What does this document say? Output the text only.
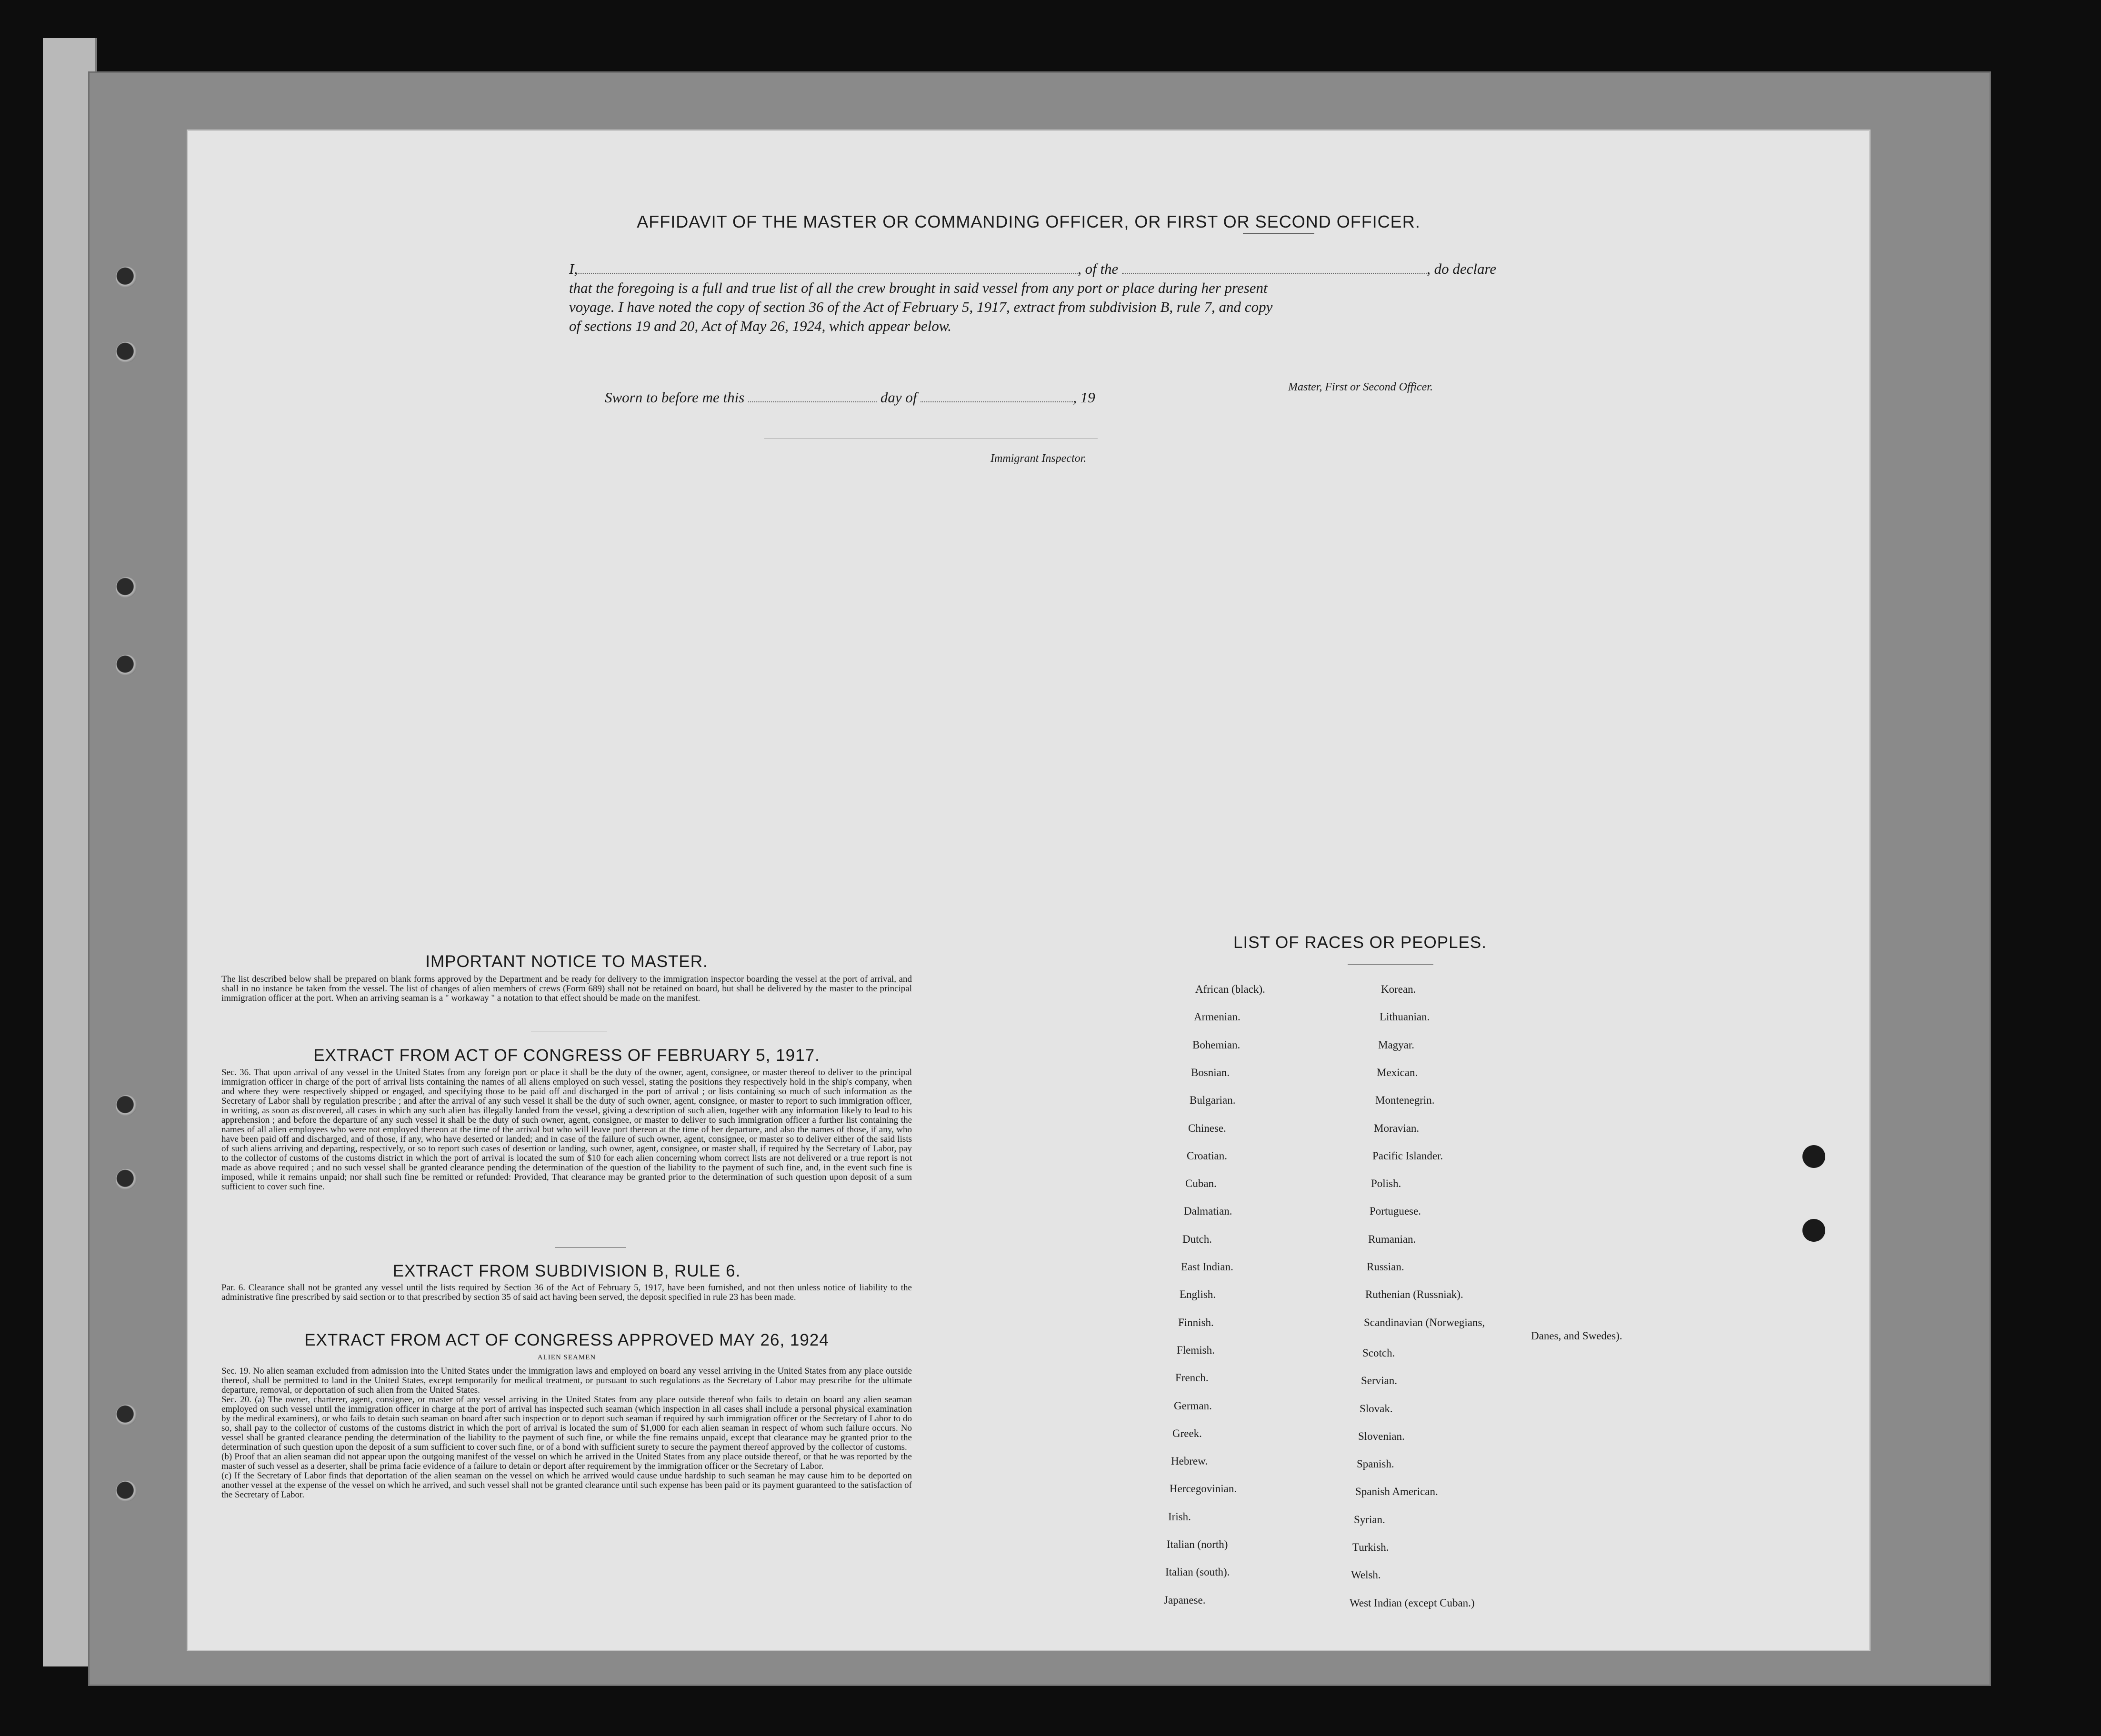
AFFIDAVIT OF THE MASTER OR COMMANDING OFFICER, OR FIRST OR SECOND OFFICER.
I,	, of the	, do declare
that the foregoing is a full and true list of all the crew brought in said vessel from any port or place during her present
voyage. I have noted the copy of section 36 of the Act of February 5, 1917, extract from subdivision B, rule 7, and copy
of sections 19 and 20, Act of May 26, 1924, which appear below.
Master, First or Second Officer.
Sworn to before me this	day of	, 19
Immigrant Inspector.
IMPORTANT NOTICE TO MASTER.
The list described below shall be prepared on blank forms approved by the Department and be ready for delivery to the immigration inspector boarding the vessel at the port of arrival, and shall in no instance be taken from the vessel. The list of changes of alien members of crews (Form 689) shall not be retained on board, but shall be delivered by the master to the principal immigration officer at the port. When an arriving seaman is a " workaway " a notation to that effect should be made on the manifest.
EXTRACT FROM ACT OF CONGRESS OF FEBRUARY 5, 1917.
Sec. 36. That upon arrival of any vessel in the United States from any foreign port or place it shall be the duty of the owner, agent, consignee, or master thereof to deliver to the principal immigration officer in charge of the port of arrival lists containing the names of all aliens employed on such vessel, stating the positions they respectively hold in the ship's company, when and where they were respectively shipped or engaged, and specifying those to be paid off and discharged in the port of arrival ; or lists containing so much of such information as the Secretary of Labor shall by regulation prescribe ; and after the arrival of any such vessel it shall be the duty of such owner, agent, consignee, or master to report to such immigration officer, in writing, as soon as discovered, all cases in which any such alien has illegally landed from the vessel, giving a description of such alien, together with any information likely to lead to his apprehension ; and before the departure of any such vessel it shall be the duty of such owner, agent, consignee, or master to deliver to such immigration officer a further list containing the names of all alien employees who were not employed thereon at the time of the arrival but who will leave port thereon at the time of her departure, and also the names of those, if any, who have been paid off and discharged, and of those, if any, who have deserted or landed; and in case of the failure of such owner, agent, consignee, or master so to deliver either of the said lists of such aliens arriving and departing, respectively, or so to report such cases of desertion or landing, such owner, agent, consignee, or master shall, if required by the Secretary of Labor, pay to the collector of customs of the customs district in which the port of arrival is located the sum of $10 for each alien concerning whom correct lists are not delivered or a true report is not made as above required ; and no such vessel shall be granted clearance pending the determination of the question of the liability to the payment of such fine, and, in the event such fine is imposed, while it remains unpaid; nor shall such fine be remitted or refunded: Provided, That clearance may be granted prior to the determination of such question upon deposit of a sum sufficient to cover such fine.
EXTRACT FROM SUBDIVISION B, RULE 6.
Par. 6. Clearance shall not be granted any vessel until the lists required by Section 36 of the Act of February 5, 1917, have been furnished, and not then unless notice of liability to the administrative fine prescribed by said section or to that prescribed by section 35 of said act having been served, the deposit specified in rule 23 has been made.
EXTRACT FROM ACT OF CONGRESS APPROVED MAY 26, 1924
ALIEN SEAMEN
Sec. 19. No alien seaman excluded from admission into the United States under the immigration laws and employed on board any vessel arriving in the United States from any place outside thereof, shall be permitted to land in the United States, except temporarily for medical treatment, or pursuant to such regulations as the Secretary of Labor may prescribe for the ultimate departure, removal, or deportation of such alien from the United States.
Sec. 20. (a) The owner, charterer, agent, consignee, or master of any vessel arriving in the United States from any place outside thereof who fails to detain on board any alien seaman employed on such vessel until the immigration officer in charge at the port of arrival has inspected such seaman (which inspection in all cases shall include a personal physical examination by the medical examiners), or who fails to detain such seaman on board after such inspection or to deport such seaman if required by such immigration officer or the Secretary of Labor to do so, shall pay to the collector of customs of the customs district in which the port of arrival is located the sum of $1,000 for each alien seaman in respect of whom such failure occurs. No vessel shall be granted clearance pending the determination of the liability to the payment of such fine, or while the fine remains unpaid, except that clearance may be granted prior to the determination of such question upon the deposit of a sum sufficient to cover such fine, or of a bond with sufficient surety to secure the payment thereof approved by the collector of customs.
(b) Proof that an alien seaman did not appear upon the outgoing manifest of the vessel on which he arrived in the United States from any place outside thereof, or that he was reported by the master of such vessel as a deserter, shall be prima facie evidence of a failure to detain or deport after requirement by the immigration officer or the Secretary of Labor.
(c) If the Secretary of Labor finds that deportation of the alien seaman on the vessel on which he arrived would cause undue hardship to such seaman he may cause him to be deported on another vessel at the expense of the vessel on which he arrived, and such vessel shall not be granted clearance until such expense has been paid or its payment guaranteed to the satisfaction of the Secretary of Labor.
LIST OF RACES OR PEOPLES.
African (black).
Armenian.
Bohemian.
Bosnian.
Bulgarian.
Chinese.
Croatian.
Cuban.
Dalmatian.
Dutch.
East Indian.
English.
Finnish.
Flemish.
French.
German.
Greek.
Hebrew.
Hercegovinian.
Irish.
Italian (north)
Italian (south).
Japanese.
Korean.
Lithuanian.
Magyar.
Mexican.
Montenegrin.
Moravian.
Pacific Islander.
Polish.
Portuguese.
Rumanian.
Russian.
Ruthenian (Russniak).
Scandinavian (Norwegians,
Danes, and Swedes).
Scotch.
Servian.
Slovak.
Slovenian.
Spanish.
Spanish American.
Syrian.
Turkish.
Welsh.
West Indian (except Cuban.)
